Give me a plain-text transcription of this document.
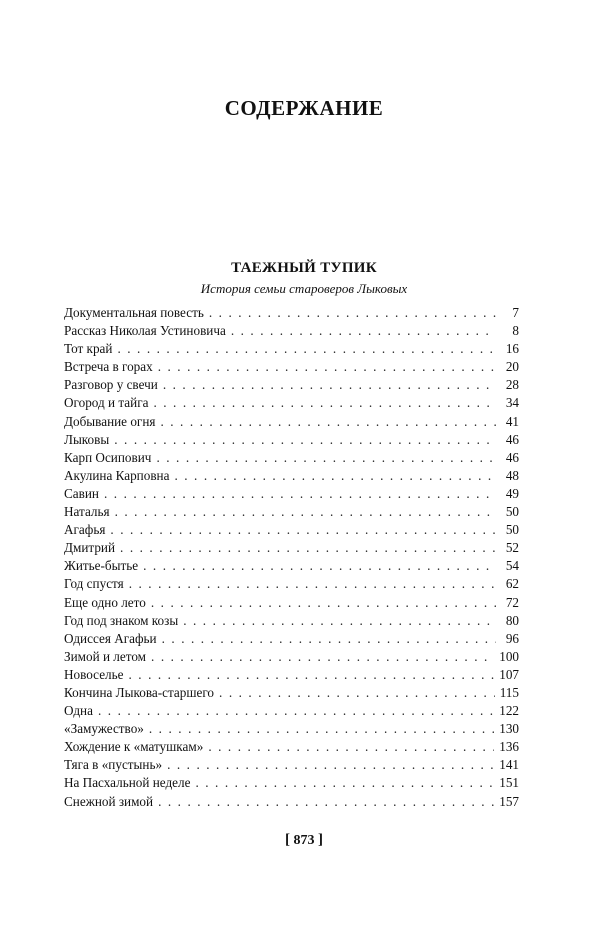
СОДЕРЖАНИЕ
ТАЕЖНЫЙ ТУПИК
История семьи староверов Лыковых
Документальная повесть . . .	7
Рассказ Николая Устиновича . . .	8
Тот край . . .	16
Встреча в горах . . .	20
Разговор у свечи . . .	28
Огород и тайга . . .	34
Добывание огня . . .	41
Лыковы . . .	46
Карп Осипович . . .	46
Акулина Карповна . . .	48
Савин . . .	49
Наталья . . .	50
Агафья . . .	50
Дмитрий . . .	52
Житье-бытье . . .	54
Год спустя . . .	62
Еще одно лето . . .	72
Год под знаком козы . . .	80
Одиссея Агафьи . . .	96
Зимой и летом . . .	100
Новоселье . . .	107
Кончина Лыкова-старшего . . .	115
Одна . . .	122
«Замужество» . . .	130
Хождение к «матушкам» . . .	136
Тяга в «пустынь» . . .	141
На Пасхальной неделе . . .	151
Снежной зимой . . .	157
[ 873 ]
